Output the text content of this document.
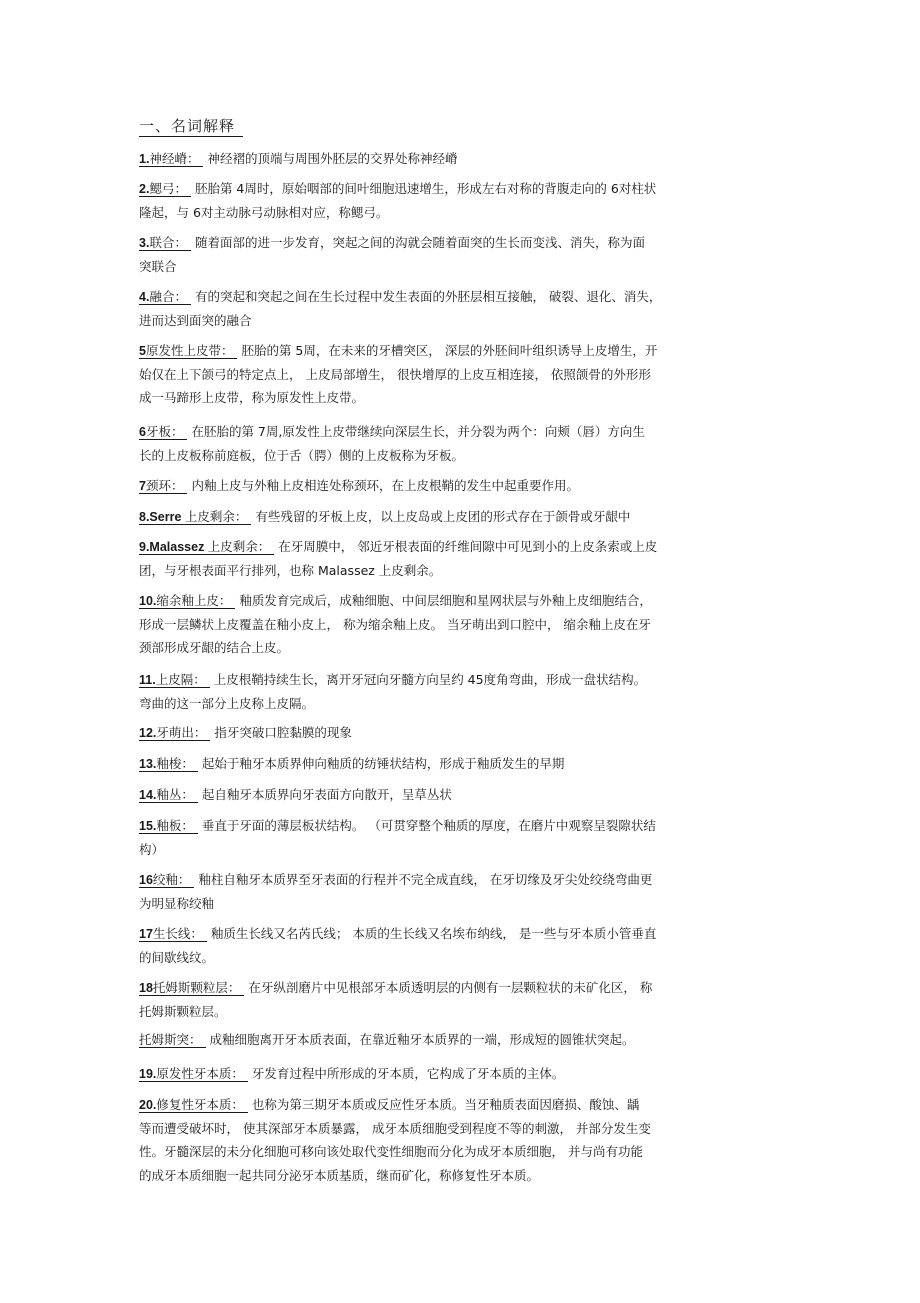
一、名词解释
1.神经嵴： 神经褶的顶端与周围外胚层的交界处称神经嵴
2.鳃弓： 胚胎第 4周时，原始咽部的间叶细胞迅速增生，形成左右对称的背腹走向的 6对柱状
隆起，与 6对主动脉弓动脉相对应，称鳃弓。
3.联合： 随着面部的进一步发育，突起之间的沟就会随着面突的生长而变浅、消失，称为面
突联合
4.融合： 有的突起和突起之间在生长过程中发生表面的外胚层相互接触， 破裂、退化、消失，
进而达到面突的融合
5原发性上皮带： 胚胎的第 5周，在未来的牙槽突区， 深层的外胚间叶组织诱导上皮增生，开
始仅在上下颌弓的特定点上， 上皮局部增生， 很快增厚的上皮互相连接， 依照颌骨的外形形
成一马蹄形上皮带，称为原发性上皮带。
6牙板： 在胚胎的第 7周,原发性上皮带继续向深层生长，并分裂为两个：向颊（唇）方向生
长的上皮板称前庭板，位于舌（腭）侧的上皮板称为牙板。
7颈环： 内釉上皮与外釉上皮相连处称颈环，在上皮根鞘的发生中起重要作用。
8.Serre 上皮剩余： 有些残留的牙板上皮，以上皮岛或上皮团的形式存在于颌骨或牙龈中
9.Malassez 上皮剩余： 在牙周膜中， 邻近牙根表面的纤维间隙中可见到小的上皮条索或上皮
团，与牙根表面平行排列，也称 Malassez 上皮剩余。
10.缩余釉上皮： 釉质发育完成后，成釉细胞、中间层细胞和星网状层与外釉上皮细胞结合，
形成一层鳞状上皮覆盖在釉小皮上， 称为缩余釉上皮。 当牙萌出到口腔中， 缩余釉上皮在牙
颈部形成牙龈的结合上皮。
11.上皮隔： 上皮根鞘持续生长，离开牙冠向牙髓方向呈约 45度角弯曲，形成一盘状结构。
弯曲的这一部分上皮称上皮隔。
12.牙萌出： 指牙突破口腔黏膜的现象
13.釉梭： 起始于釉牙本质界伸向釉质的纺锤状结构，形成于釉质发生的早期
14.釉丛： 起自釉牙本质界向牙表面方向散开，呈草丛状
15.釉板： 垂直于牙面的薄层板状结构。 （可贯穿整个釉质的厚度，在磨片中观察呈裂隙状结
构）
16绞釉： 釉柱自釉牙本质界至牙表面的行程并不完全成直线， 在牙切缘及牙尖处绞绕弯曲更
为明显称绞釉
17生长线： 釉质生长线又名芮氏线； 本质的生长线又名埃布纳线， 是一些与牙本质小管垂直
的间歇线纹。
18托姆斯颗粒层： 在牙纵剖磨片中见根部牙本质透明层的内侧有一层颗粒状的未矿化区， 称
托姆斯颗粒层。
托姆斯突： 成釉细胞离开牙本质表面，在靠近釉牙本质界的一端，形成短的圆锥状突起。
19.原发性牙本质： 牙发育过程中所形成的牙本质，它构成了牙本质的主体。
20.修复性牙本质： 也称为第三期牙本质或反应性牙本质。当牙釉质表面因磨损、酸蚀、龋
等而遭受破坏时， 使其深部牙本质暴露， 成牙本质细胞受到程度不等的刺激， 并部分发生变
性。牙髓深层的未分化细胞可移向该处取代变性细胞而分化为成牙本质细胞， 并与尚有功能
的成牙本质细胞一起共同分泌牙本质基质，继而矿化，称修复性牙本质。
